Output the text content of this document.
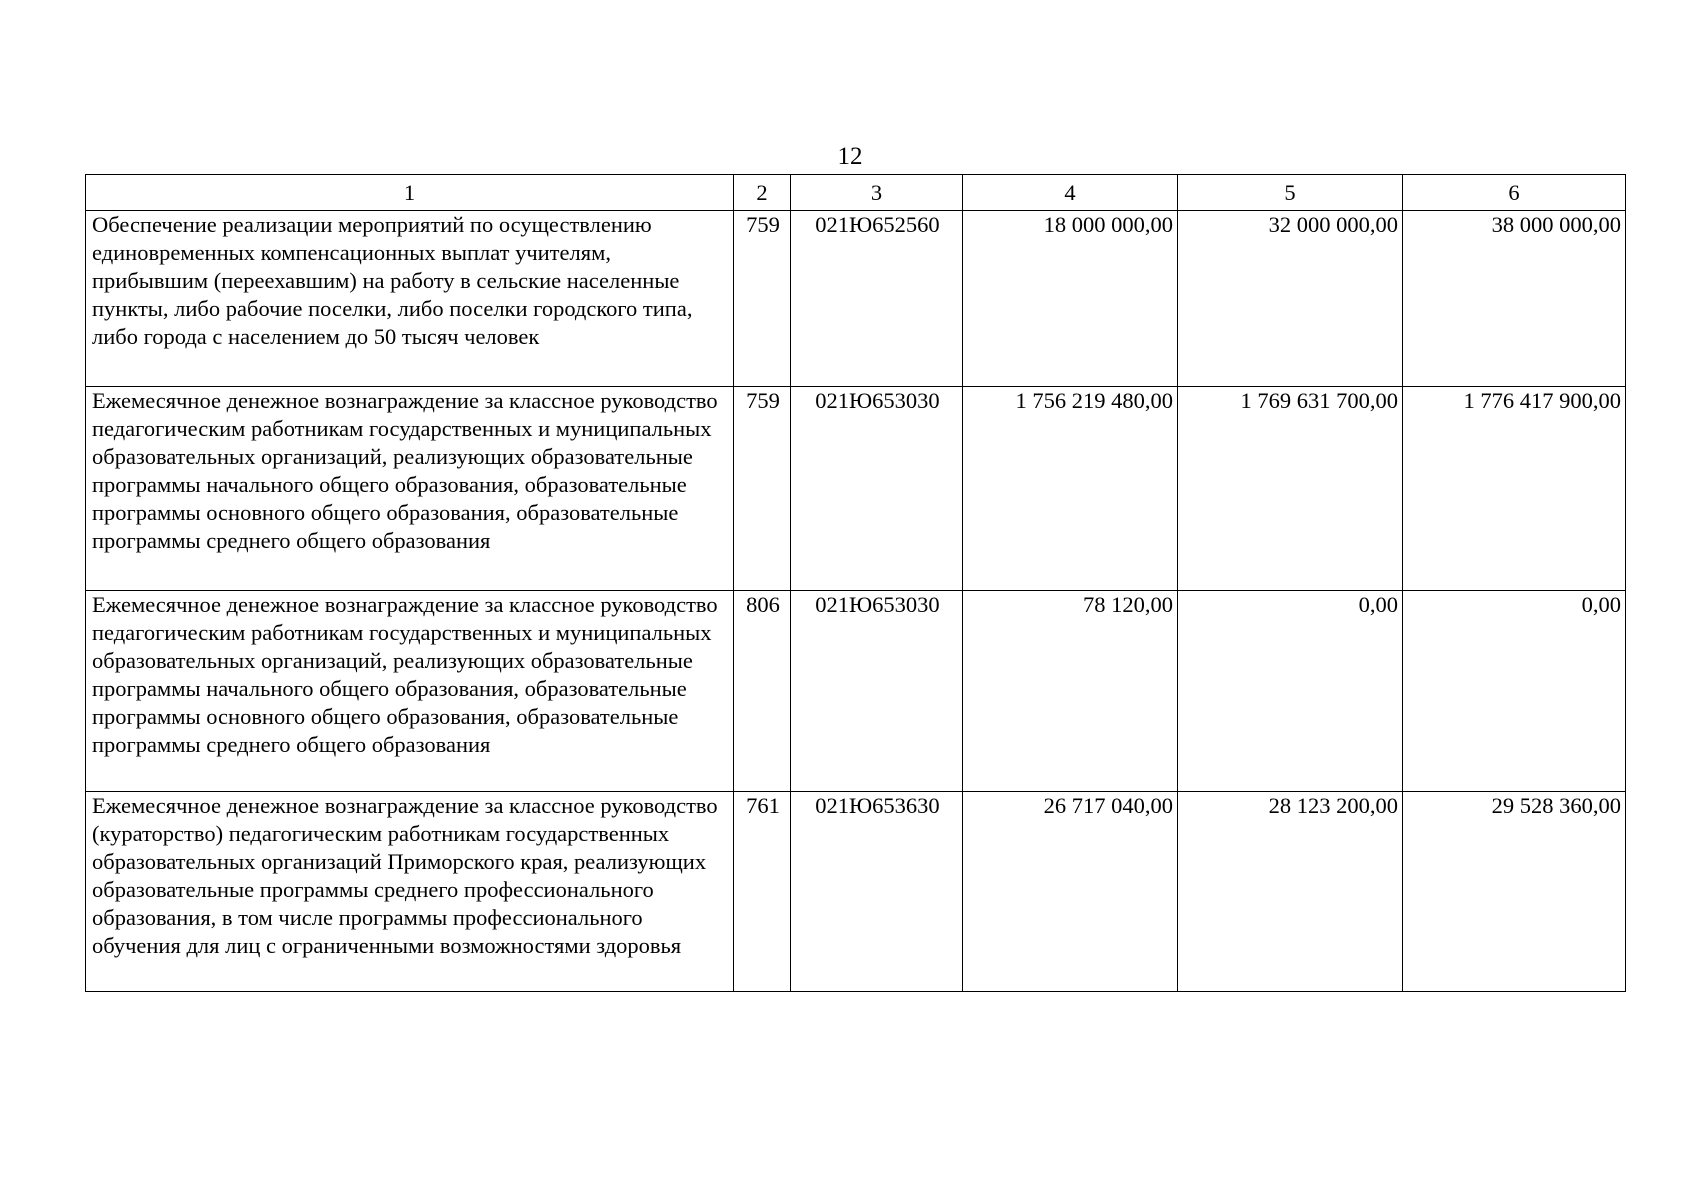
12
1	2	3	4	5	6
Обеспечение реализации мероприятий по осуществлению единовременных компенсационных выплат учителям, прибывшим (переехавшим) на работу в сельские населенные пункты, либо рабочие поселки, либо поселки городского типа, либо города с населением до 50 тысяч человек	759	021Ю652560	18 000 000,00	32 000 000,00	38 000 000,00
Ежемесячное денежное вознаграждение за классное руководство педагогическим работникам государственных и муниципальных образовательных организаций, реализующих образовательные программы начального общего образования, образовательные программы основного общего образования, образовательные программы среднего общего образования	759	021Ю653030	1 756 219 480,00	1 769 631 700,00	1 776 417 900,00
Ежемесячное денежное вознаграждение за классное руководство педагогическим работникам государственных и муниципальных образовательных организаций, реализующих образовательные программы начального общего образования, образовательные программы основного общего образования, образовательные программы среднего общего образования	806	021Ю653030	78 120,00	0,00	0,00
Ежемесячное денежное вознаграждение за классное руководство (кураторство) педагогическим работникам государственных образовательных организаций Приморского края, реализующих образовательные программы среднего профессионального образования, в том числе программы профессионального обучения для лиц с ограниченными возможностями здоровья	761	021Ю653630	26 717 040,00	28 123 200,00	29 528 360,00
